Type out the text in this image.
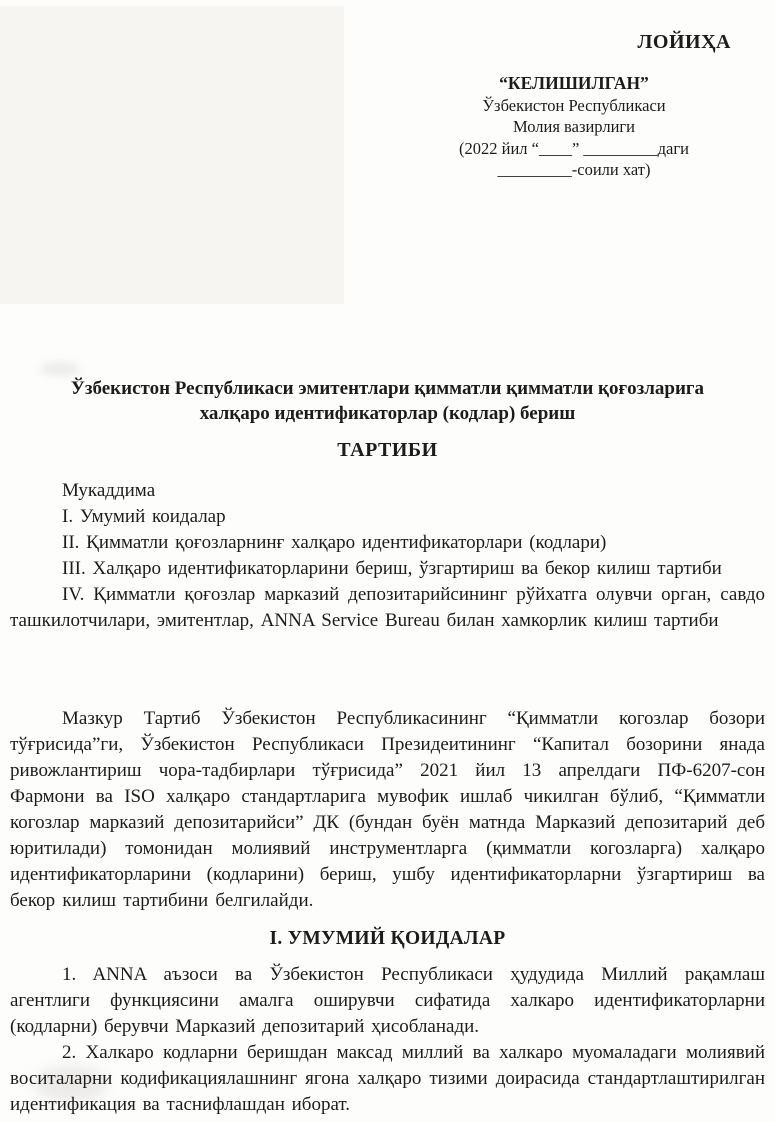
ЛОЙИҲА

“КЕЛИШИЛГАН”

Ўзбекистон Республикаси

Молия вазирлиги

(2022 йил “____” _________даги

_________-соили хат)

Ўзбекистон Республикаси эмитентлари қимматли қимматли қоғозларига

халқаро идентификаторлар (кодлар) бериш

ТАРТИБИ

Мукаддима

I. Умумий коидалар

II. Қимматли қоғозларнинғ халқаро идентификаторлари (кодлари)

III. Халқаро идентификаторларини бериш, ўзгартириш ва бекор килиш тартиби

IV. Қимматли қоғозлар марказий депозитарийсининг рўйхатга олувчи орган, савдо ташкилотчилари, эмитентлар, ANNA Service Bureau билан хамкорлик килиш тартиби

Мазкур Тартиб Ўзбекистон Республикасининг “Қимматли когозлар бозори тўғрисида”ги, Ўзбекистон Республикаси Президеитининг “Капитал бозорини янада ривожлантириш чора-тадбирлари тўғрисида” 2021 йил 13 апрелдаги ПФ-6207-сон Фармони ва ISO халқаро стандартларига мувофик ишлаб чикилган бўлиб, “Қимматли когозлар марказий депозитарийси” ДК (бундан буён матнда Марказий депозитарий деб юритилади) томонидан молиявий инструментларга (қимматли когозларга) халқаро идентификаторларини (кодларини) бериш, ушбу идентификаторларни ўзгартириш ва бекор килиш тартибини белгилайди.

I. УМУМИЙ ҚОИДАЛАР

1. ANNA аъзоси ва Ўзбекистон Республикаси ҳудудида Миллий рақамлаш агентлиги функциясини амалга оширувчи сифатида халкаро идентификаторларни (кодларни) берувчи Марказий депозитарий ҳисобланади.

2. Халкаро кодларни беришдан максад миллий ва халкаро муомаладаги молиявий воситаларни кодификациялашнинг ягона халқаро тизими доирасида стандартлаштирилган идентификация ва таснифлашдан иборат.
